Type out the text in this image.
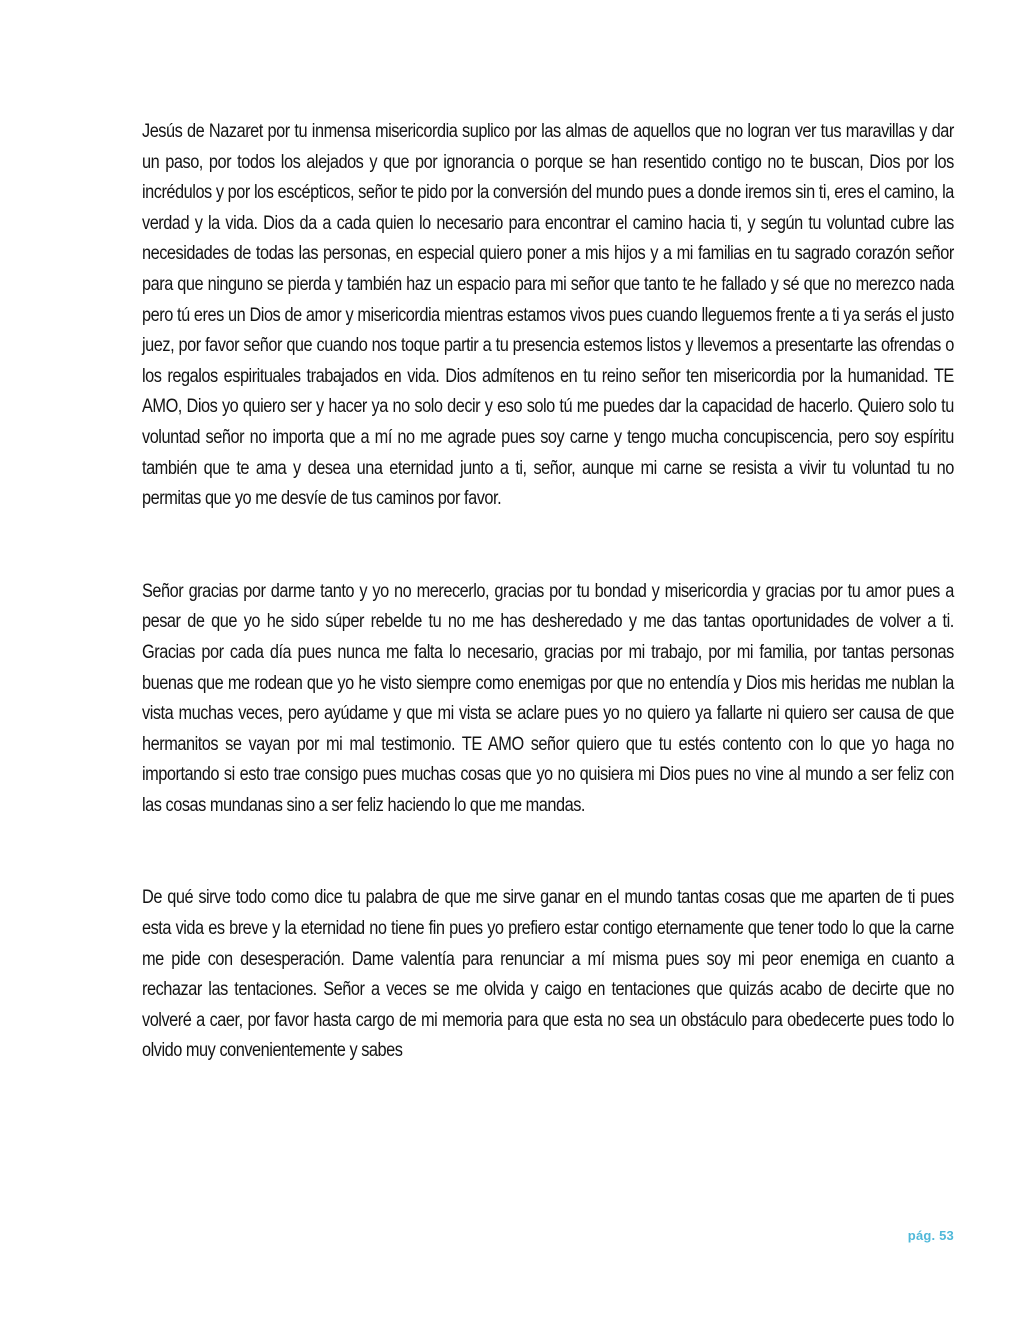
Jesús de Nazaret por tu inmensa misericordia suplico por las almas de aquellos que no logran ver tus maravillas y dar un paso, por todos los alejados y que por ignorancia o porque se han resentido contigo no te buscan, Dios por los incrédulos y por los escépticos, señor te pido por la conversión del mundo pues a donde iremos sin ti, eres el camino, la verdad y la vida. Dios da a cada quien lo necesario para encontrar el camino hacia ti, y según tu voluntad cubre las necesidades de todas las personas, en especial quiero poner a mis hijos y a mi familias en tu sagrado corazón señor para que ninguno se pierda y también haz un espacio para mi señor que tanto te he fallado y sé que no merezco nada pero tú eres un Dios de amor y misericordia mientras estamos vivos pues cuando lleguemos frente a ti ya serás el justo juez, por favor señor que cuando nos toque partir a tu presencia estemos listos y llevemos a presentarte las ofrendas o los regalos espirituales trabajados en vida. Dios admítenos en tu reino señor ten misericordia por la humanidad. TE AMO, Dios yo quiero ser y hacer ya no solo decir y eso solo tú me puedes dar la capacidad de hacerlo. Quiero solo tu voluntad señor no importa que a mí no me agrade pues soy carne y tengo mucha concupiscencia, pero soy espíritu también que te ama y desea una eternidad junto a ti, señor, aunque mi carne se resista a vivir tu voluntad tu no permitas que yo me desvíe de tus caminos por favor.

Señor gracias por darme tanto y yo no merecerlo, gracias por tu bondad y misericordia y gracias por tu amor pues a pesar de que yo he sido súper rebelde tu no me has desheredado y me das tantas oportunidades de volver a ti. Gracias por cada día pues nunca me falta lo necesario, gracias por mi trabajo, por mi familia, por tantas personas buenas que me rodean que yo he visto siempre como enemigas por que no entendía y Dios mis heridas me nublan la vista muchas veces, pero ayúdame y que mi vista se aclare pues yo no quiero ya fallarte ni quiero ser causa de que hermanitos se vayan por mi mal testimonio. TE AMO señor quiero que tu estés contento con lo que yo haga no importando si esto trae consigo pues muchas cosas que yo no quisiera mi Dios pues no vine al mundo a ser feliz con las cosas mundanas sino a ser feliz haciendo lo que me mandas.

De qué sirve todo como dice tu palabra de que me sirve ganar en el mundo tantas cosas que me aparten de ti pues esta vida es breve y la eternidad no tiene fin pues yo prefiero estar contigo eternamente que tener todo lo que la carne me pide con desesperación. Dame valentía para renunciar a mí misma pues soy mi peor enemiga en cuanto a rechazar las tentaciones. Señor a veces se me olvida y caigo en tentaciones que quizás acabo de decirte que no volveré a caer, por favor hasta cargo de mi memoria para que esta no sea un obstáculo para obedecerte pues todo lo olvido muy convenientemente y sabes

pág. 53
